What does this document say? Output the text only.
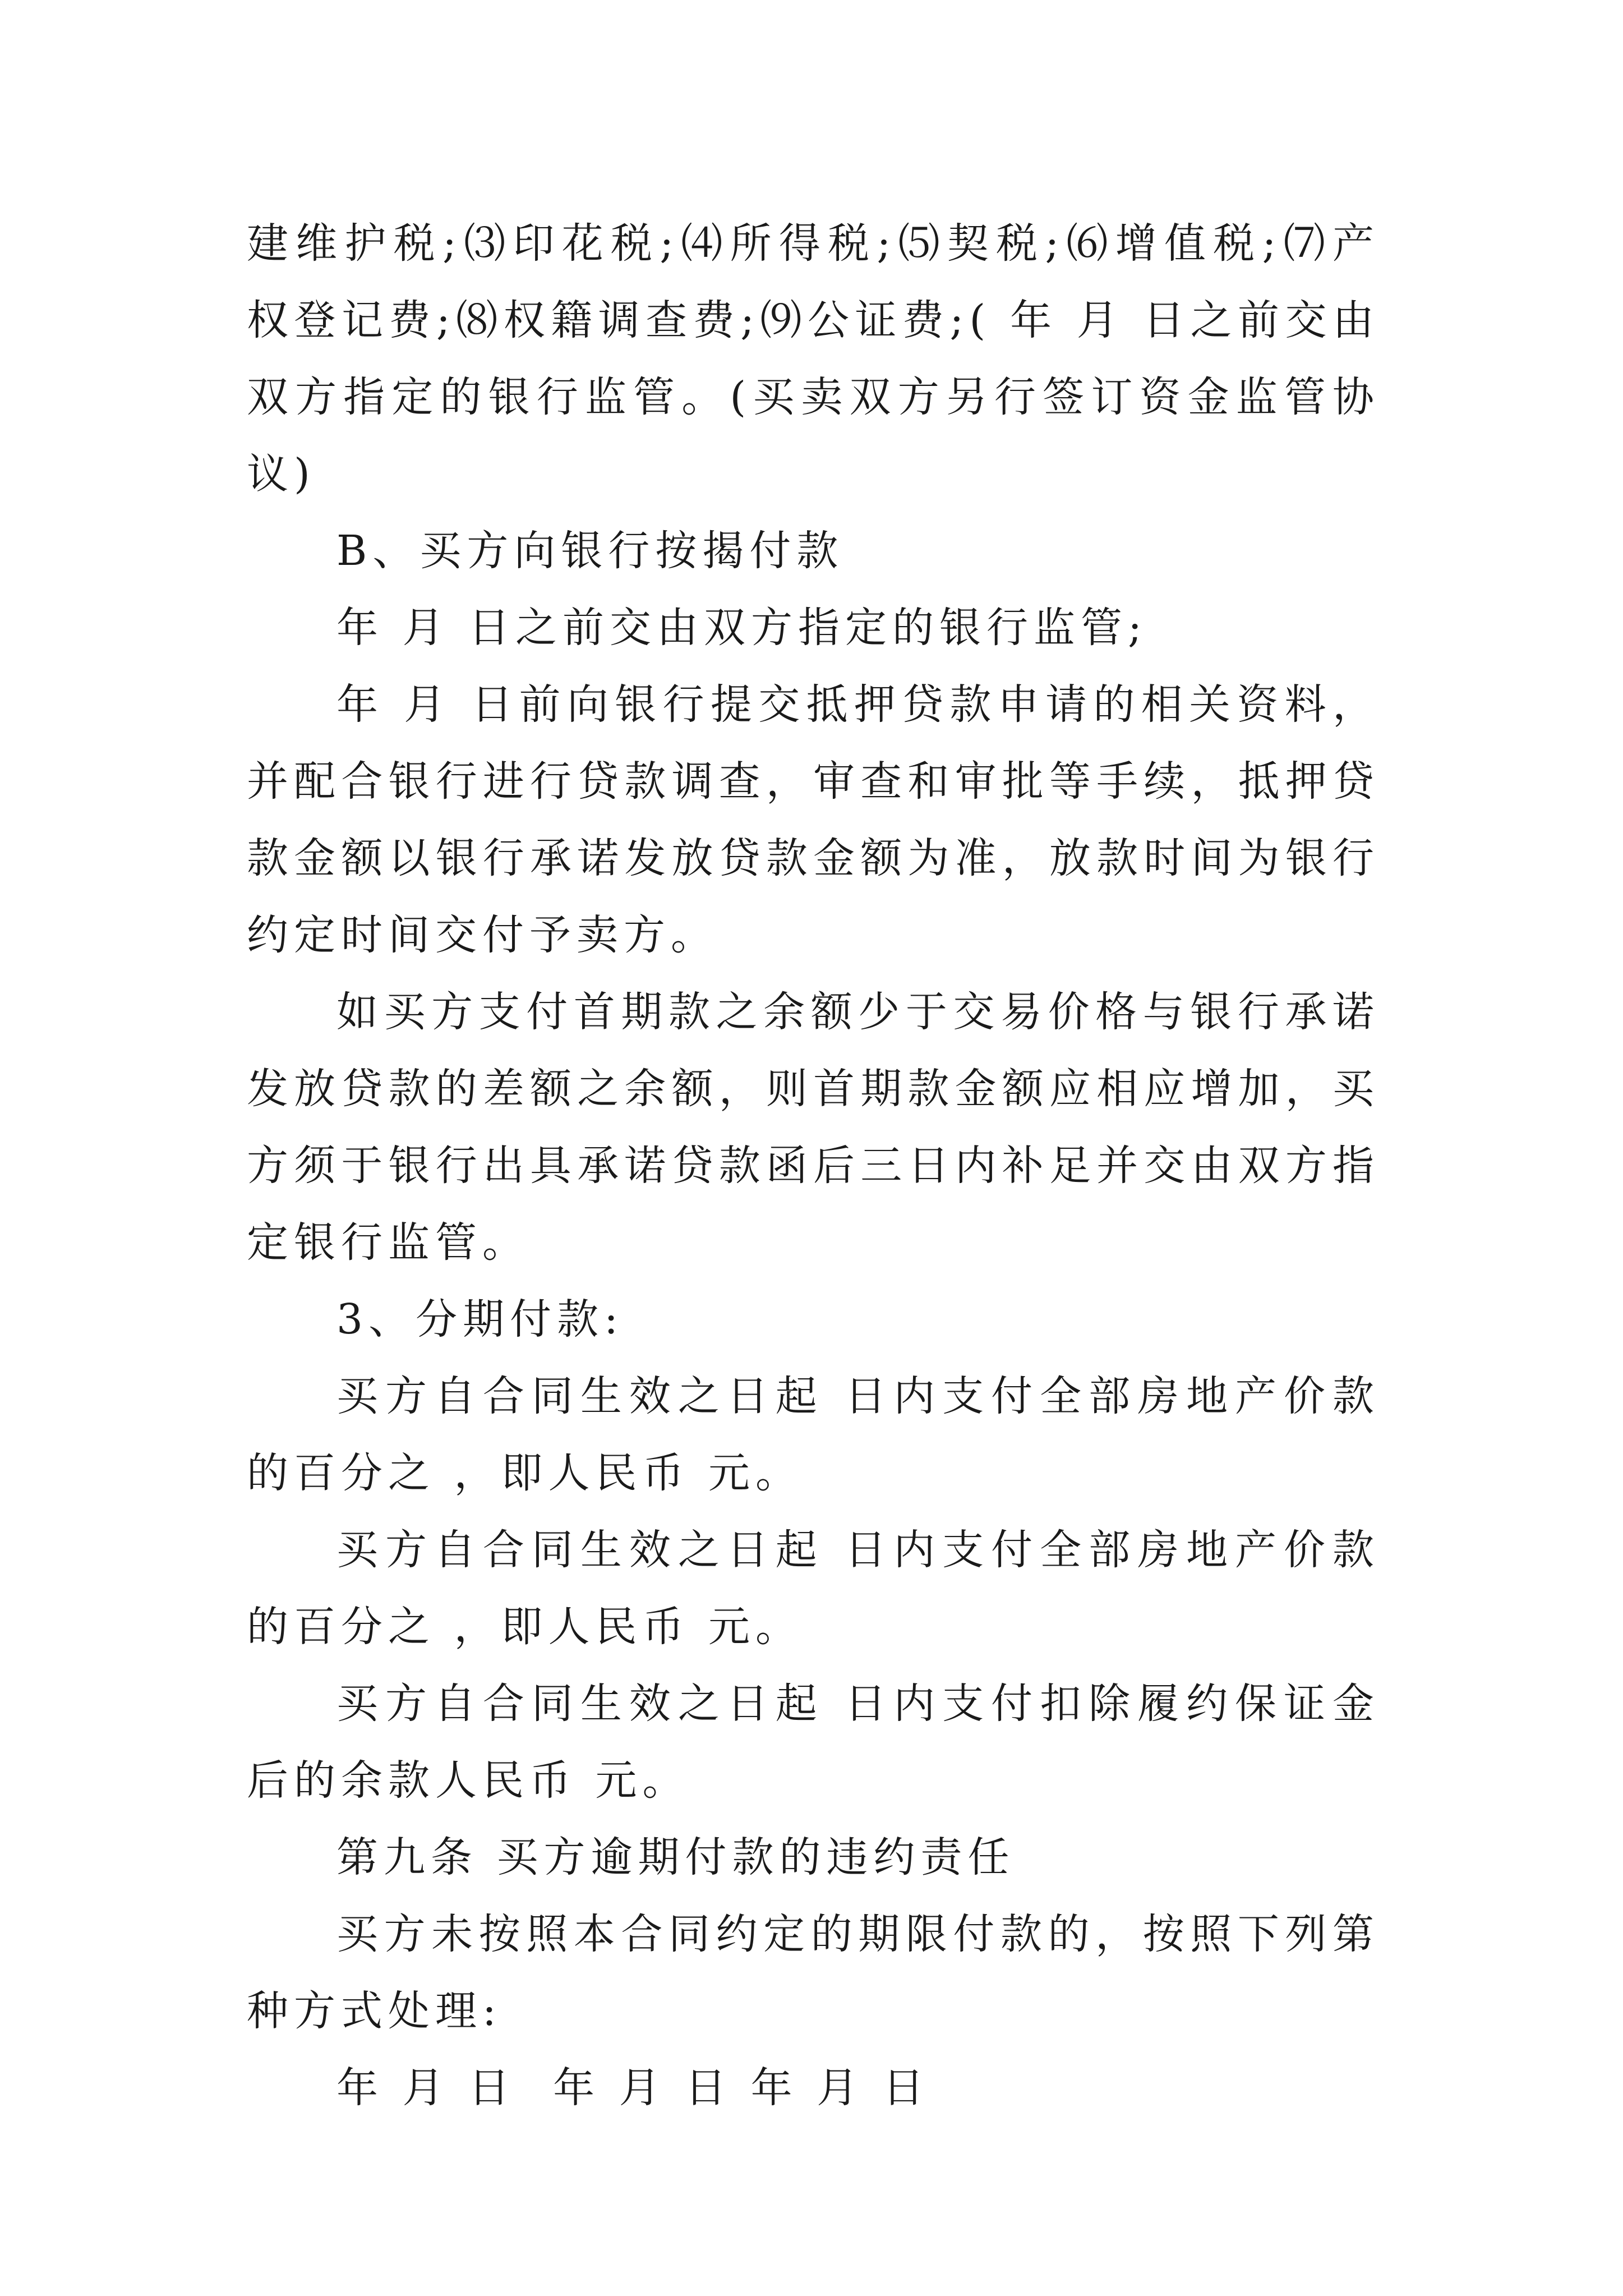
建维护税;⑶印花税;⑷所得税;⑸契税;⑹增值税;⑺产权登记费;⑻权籍调查费;⑼公证费;( 年 月 日之前交由双方指定的银行监管。(买卖双方另行签订资金监管协议)

B、买方向银行按揭付款

年 月 日之前交由双方指定的银行监管;

年 月 日前向银行提交抵押贷款申请的相关资料，并配合银行进行贷款调查，审查和审批等手续，抵押贷款金额以银行承诺发放贷款金额为准，放款时间为银行约定时间交付予卖方。

如买方支付首期款之余额少于交易价格与银行承诺发放贷款的差额之余额，则首期款金额应相应增加，买方须于银行出具承诺贷款函后三日内补足并交由双方指定银行监管。

3、分期付款:

买方自合同生效之日起 日内支付全部房地产价款的百分之 ，即人民币 元。

买方自合同生效之日起 日内支付全部房地产价款的百分之 ，即人民币 元。

买方自合同生效之日起 日内支付扣除履约保证金后的余款人民币 元。

第九条 买方逾期付款的违约责任

买方未按照本合同约定的期限付款的，按照下列第 种方式处理:

年 月 日  年 月 日 年 月 日
